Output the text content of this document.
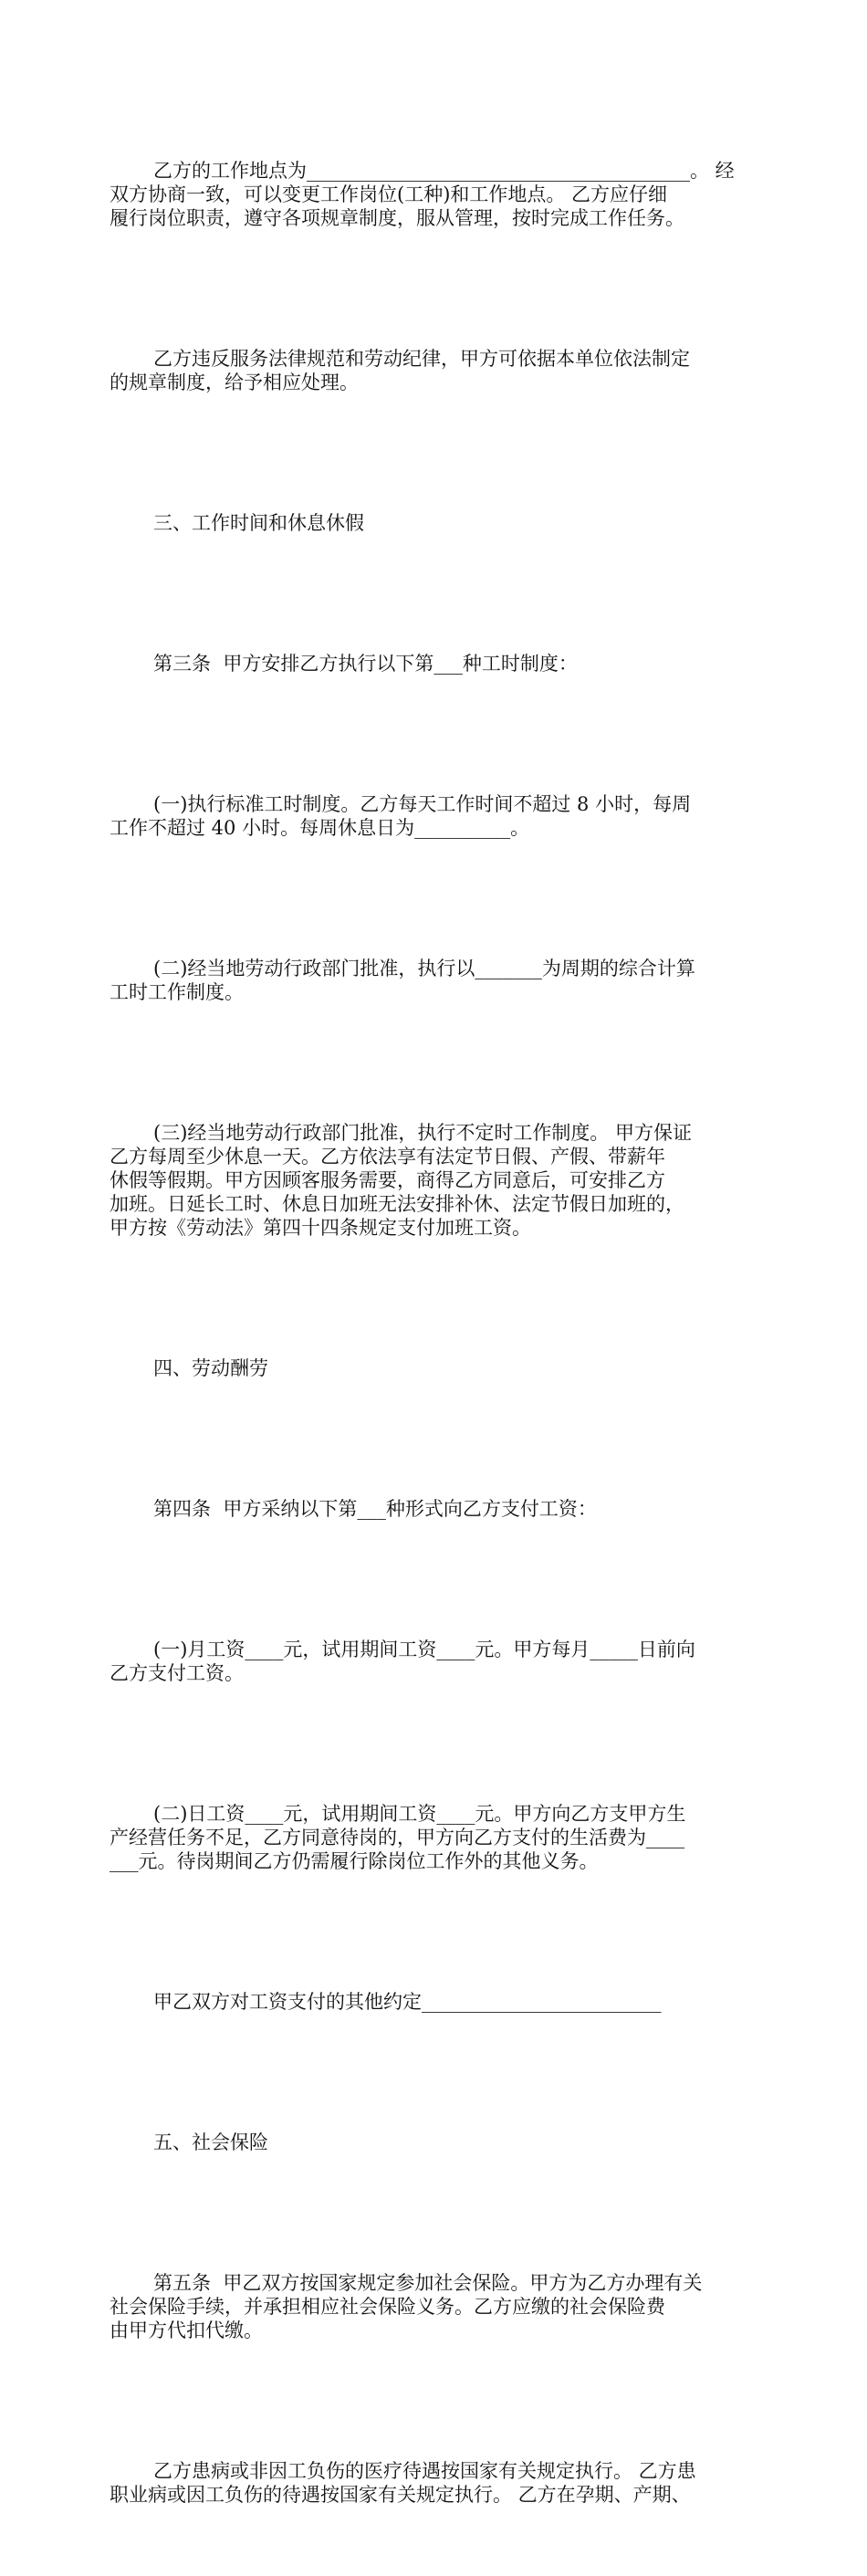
乙方的工作地点为________________________________________。 经
双方协商一致，可以变更工作岗位(工种)和工作地点。 乙方应仔细
履行岗位职责，遵守各项规章制度，服从管理，按时完成工作任务。

乙方违反服务法律规范和劳动纪律，甲方可依据本单位依法制定
的规章制度，给予相应处理。

三、工作时间和休息休假

第三条  甲方安排乙方执行以下第___种工时制度：

(一)执行标准工时制度。乙方每天工作时间不超过 8 小时，每周
工作不超过 40 小时。每周休息日为__________。

(二)经当地劳动行政部门批准，执行以_______为周期的综合计算
工时工作制度。

(三)经当地劳动行政部门批准，执行不定时工作制度。 甲方保证
乙方每周至少休息一天。乙方依法享有法定节日假、产假、带薪年
休假等假期。甲方因顾客服务需要，商得乙方同意后，可安排乙方
加班。日延长工时、休息日加班无法安排补休、法定节假日加班的，
甲方按《劳动法》第四十四条规定支付加班工资。

四、劳动酬劳

第四条  甲方采纳以下第___种形式向乙方支付工资：

(一)月工资____元，试用期间工资____元。甲方每月_____日前向
乙方支付工资。

(二)日工资____元，试用期间工资____元。甲方向乙方支甲方生
产经营任务不足，乙方同意待岗的，甲方向乙方支付的生活费为____
___元。待岗期间乙方仍需履行除岗位工作外的其他义务。

甲乙双方对工资支付的其他约定_________________________

五、社会保险

第五条  甲乙双方按国家规定参加社会保险。甲方为乙方办理有关
社会保险手续，并承担相应社会保险义务。乙方应缴的社会保险费
由甲方代扣代缴。

乙方患病或非因工负伤的医疗待遇按国家有关规定执行。 乙方患
职业病或因工负伤的待遇按国家有关规定执行。 乙方在孕期、产期、
